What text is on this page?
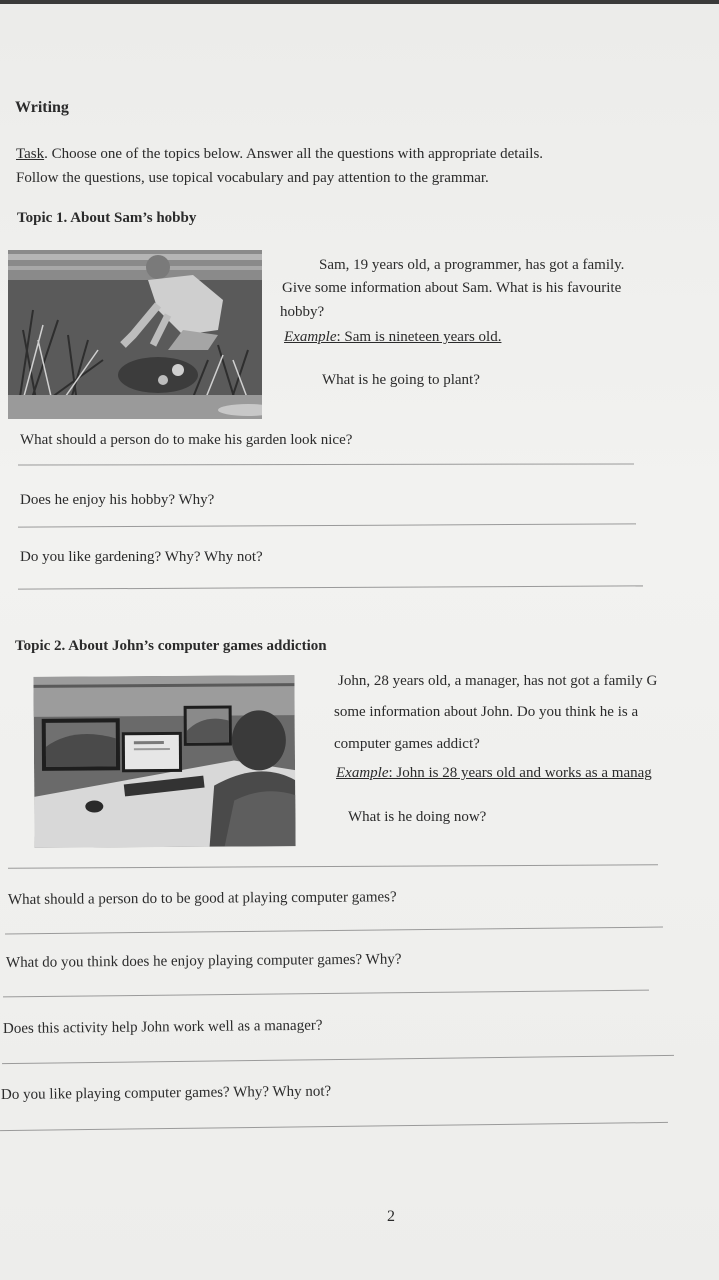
Writing
Task. Choose one of the topics below. Answer all the questions with appropriate details.
Follow the questions, use topical vocabulary and pay attention to the grammar.
Topic 1. About Sam’s hobby
Sam, 19 years old, a programmer, has got a family.
Give some information about Sam. What is his favourite
hobby?
Example: Sam is nineteen years old.
What is he going to plant?
What should a person do to make his garden look nice?
Does he enjoy his hobby? Why?
Do you like gardening? Why? Why not?
Topic 2. About John’s computer games addiction
John, 28 years old, a manager, has not got a family G
some information about John. Do you think he is a
computer games addict?
Example: John is 28 years old and works as a manag
What is he doing now?
What should a person do to be good at playing computer games?
What do you think does he enjoy playing computer games? Why?
Does this activity help John work well as a manager?
Do you like playing computer games? Why? Why not?
2
